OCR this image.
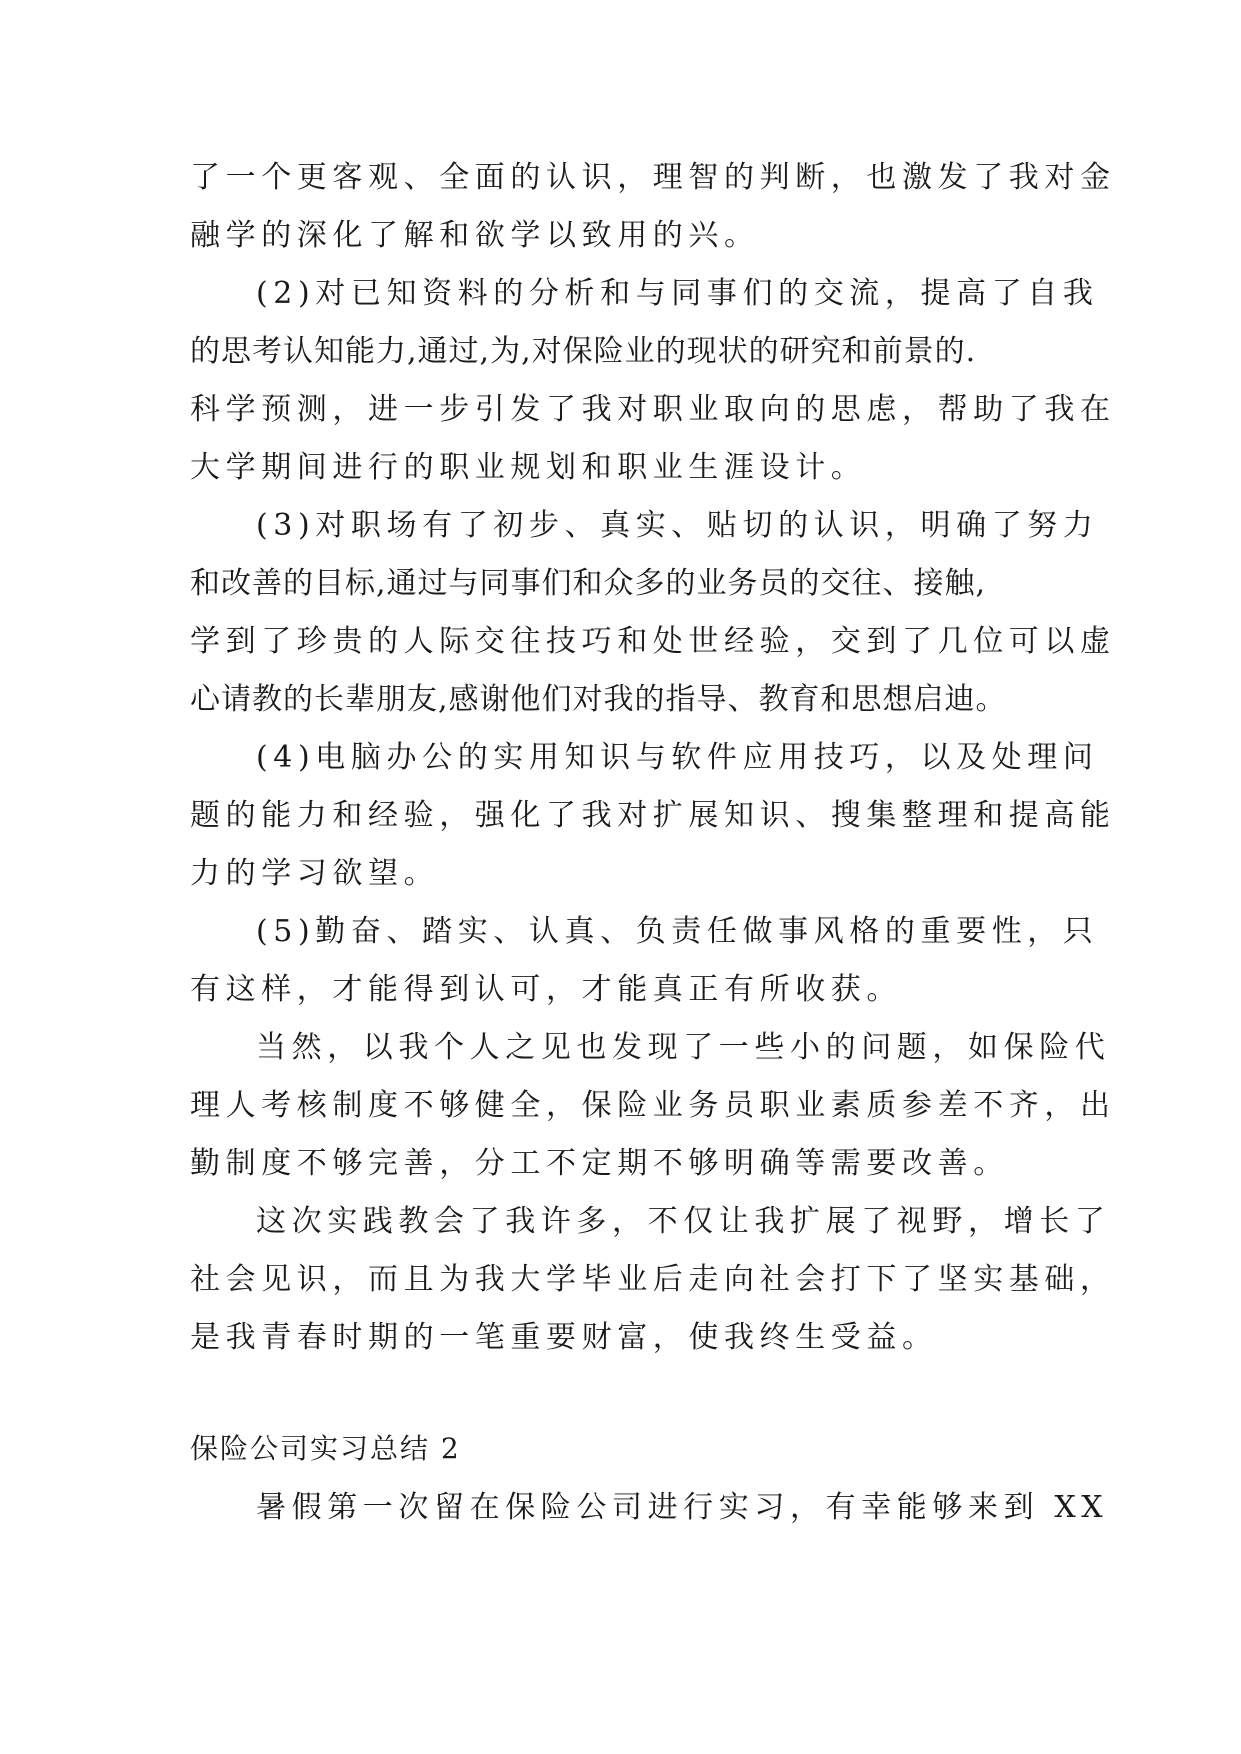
了一个更客观、全面的认识，理智的判断，也激发了我对金
融学的深化了解和欲学以致用的兴。
(2)对已知资料的分析和与同事们的交流，提高了自我
的思考认知能力,通过,为,对保险业的现状的研究和前景的.
科学预测，进一步引发了我对职业取向的思虑，帮助了我在
大学期间进行的职业规划和职业生涯设计。
(3)对职场有了初步、真实、贴切的认识，明确了努力
和改善的目标,通过与同事们和众多的业务员的交往、接触,
学到了珍贵的人际交往技巧和处世经验，交到了几位可以虚
心请教的长辈朋友,感谢他们对我的指导、教育和思想启迪。
(4)电脑办公的实用知识与软件应用技巧，以及处理问
题的能力和经验，强化了我对扩展知识、搜集整理和提高能
力的学习欲望。
(5)勤奋、踏实、认真、负责任做事风格的重要性，只
有这样，才能得到认可，才能真正有所收获。
当然，以我个人之见也发现了一些小的问题，如保险代
理人考核制度不够健全，保险业务员职业素质参差不齐，出
勤制度不够完善，分工不定期不够明确等需要改善。
这次实践教会了我许多，不仅让我扩展了视野，增长了
社会见识，而且为我大学毕业后走向社会打下了坚实基础，
是我青春时期的一笔重要财富，使我终生受益。
保险公司实习总结 2
暑假第一次留在保险公司进行实习，有幸能够来到 XX
